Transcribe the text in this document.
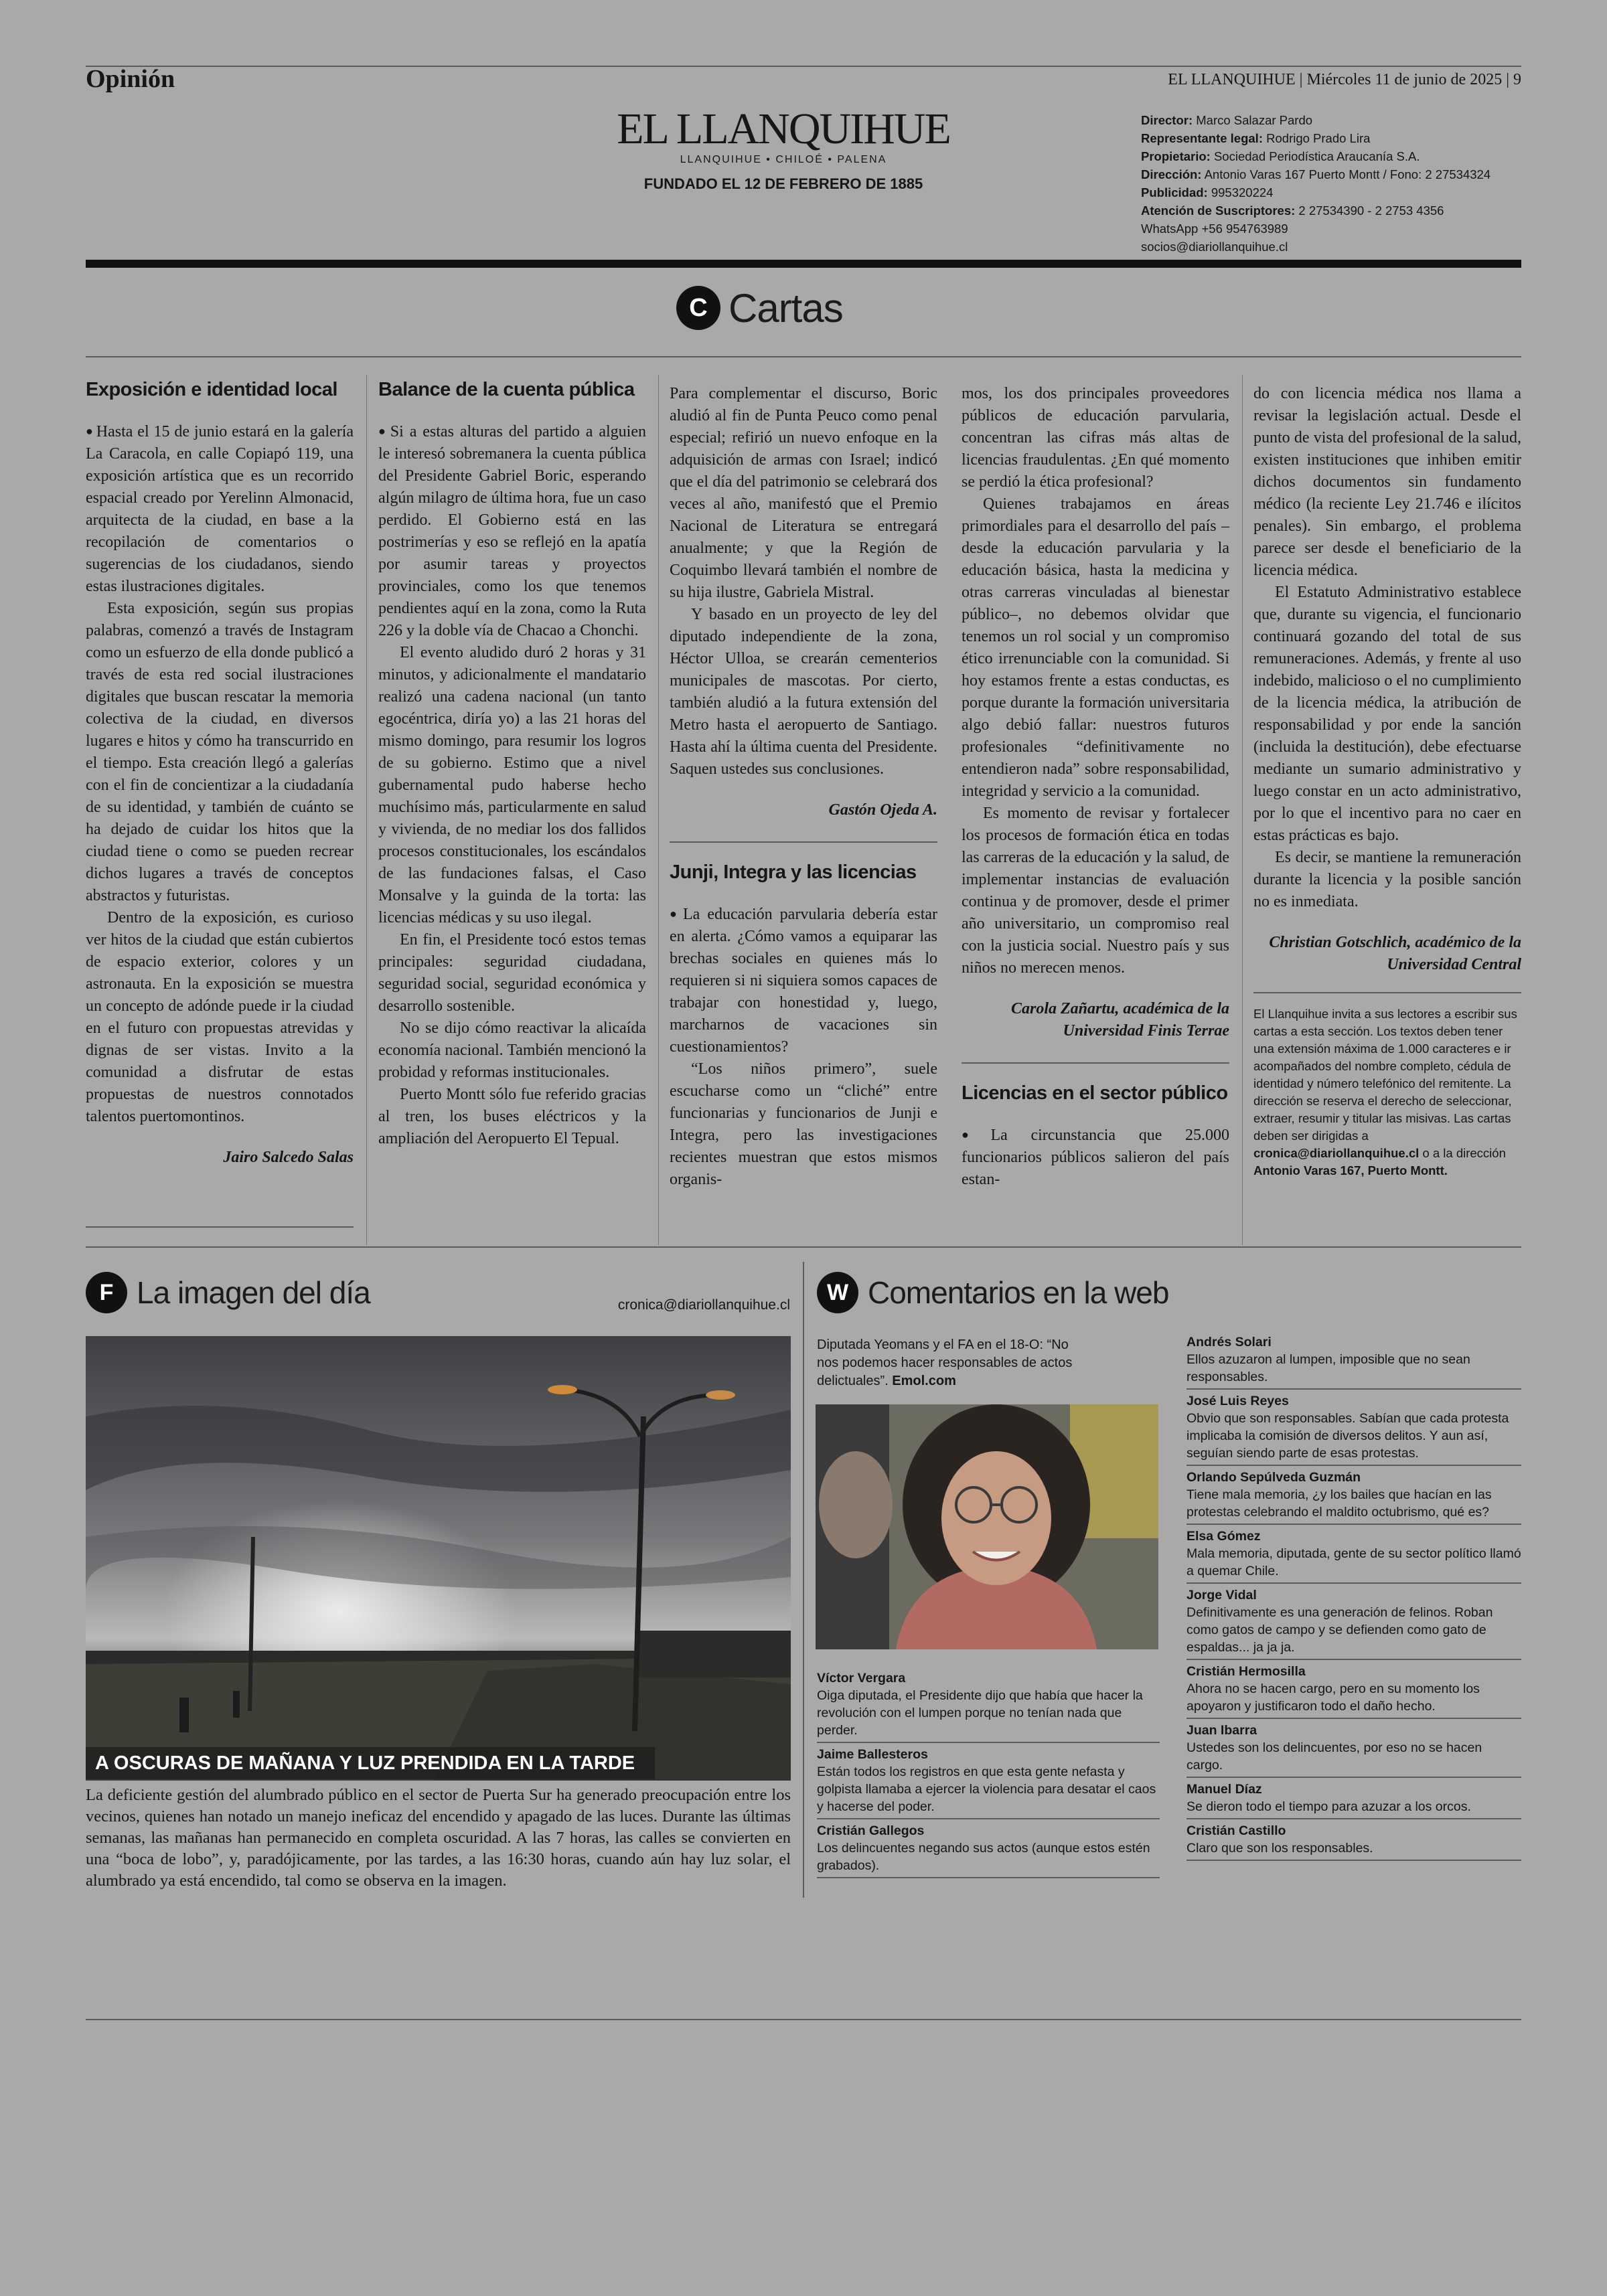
Opinión	EL LLANQUIHUE | Miércoles 11 de junio de 2025 | 9
EL LLANQUIHUE
LLANQUIHUE • CHILOÉ • PALENA
FUNDADO EL 12 DE FEBRERO DE 1885
Director: Marco Salazar Pardo
Representante legal: Rodrigo Prado Lira
Propietario: Sociedad Periodística Araucanía S.A.
Dirección: Antonio Varas 167 Puerto Montt / Fono: 2 27534324
Publicidad: 995320224
Atención de Suscriptores: 2 27534390 - 2 2753 4356
WhatsApp +56 954763989
socios@diariollanquihue.cl
C Cartas
Exposición e identidad local

● Hasta el 15 de junio estará en la galería La Caracola, en calle Copiapó 119, una exposición artística que es un recorrido espacial creado por Yerelinn Almonacid, arquitecta de la ciudad, en base a la recopilación de comentarios o sugerencias de los ciudadanos, siendo estas ilustraciones digitales.

Esta exposición, según sus propias palabras, comenzó a través de Instagram como un esfuerzo de ella donde publicó a través de esta red social ilustraciones digitales que buscan rescatar la memoria colectiva de la ciudad, en diversos lugares e hitos y cómo ha transcurrido en el tiempo. Esta creación llegó a galerías con el fin de concientizar a la ciudadanía de su identidad, y también de cuánto se ha dejado de cuidar los hitos que la ciudad tiene o como se pueden recrear dichos lugares a través de conceptos abstractos y futuristas.

Dentro de la exposición, es curioso ver hitos de la ciudad que están cubiertos de espacio exterior, colores y un astronauta. En la exposición se muestra un concepto de adónde puede ir la ciudad en el futuro con propuestas atrevidas y dignas de ser vistas. Invito a la comunidad a disfrutar de estas propuestas de nuestros connotados talentos puertomontinos.

Jairo Salcedo Salas
Balance de la cuenta pública

● Si a estas alturas del partido a alguien le interesó sobremanera la cuenta pública del Presidente Gabriel Boric, esperando algún milagro de última hora, fue un caso perdido. El Gobierno está en las postrimerías y eso se reflejó en la apatía por asumir tareas y proyectos provinciales, como los que tenemos pendientes aquí en la zona, como la Ruta 226 y la doble vía de Chacao a Chonchi.

El evento aludido duró 2 horas y 31 minutos, y adicionalmente el mandatario realizó una cadena nacional (un tanto egocéntrica, diría yo) a las 21 horas del mismo domingo, para resumir los logros de su gobierno. Estimo que a nivel gubernamental pudo haberse hecho muchísimo más, particularmente en salud y vivienda, de no mediar los dos fallidos procesos constitucionales, los escándalos de las fundaciones falsas, el Caso Monsalve y la guinda de la torta: las licencias médicas y su uso ilegal.

En fin, el Presidente tocó estos temas principales: seguridad ciudadana, seguridad social, seguridad económica y desarrollo sostenible.

No se dijo cómo reactivar la alicaída economía nacional. También mencionó la probidad y reformas institucionales.

Puerto Montt sólo fue referido gracias al tren, los buses eléctricos y la ampliación del Aeropuerto El Tepual.

Para complementar el discurso, Boric aludió al fin de Punta Peuco como penal especial; refirió un nuevo enfoque en la adquisición de armas con Israel; indicó que el día del patrimonio se celebrará dos veces al año, manifestó que el Premio Nacional de Literatura se entregará anualmente; y que la Región de Coquimbo llevará también el nombre de su hija ilustre, Gabriela Mistral.

Y basado en un proyecto de ley del diputado independiente de la zona, Héctor Ulloa, se crearán cementerios municipales de mascotas. Por cierto, también aludió a la futura extensión del Metro hasta el aeropuerto de Santiago. Hasta ahí la última cuenta del Presidente. Saquen ustedes sus conclusiones.

Gastón Ojeda A.
Junji, Integra y las licencias

● La educación parvularia debería estar en alerta. ¿Cómo vamos a equiparar las brechas sociales en quienes más lo requieren si ni siquiera somos capaces de trabajar con honestidad y, luego, marcharnos de vacaciones sin cuestionamientos?

“Los niños primero”, suele escucharse como un “cliché” entre funcionarias y funcionarios de Junji e Integra, pero las investigaciones recientes muestran que estos mismos organis-

mos, los dos principales proveedores públicos de educación parvularia, concentran las cifras más altas de licencias fraudulentas. ¿En qué momento se perdió la ética profesional?

Quienes trabajamos en áreas primordiales para el desarrollo del país –desde la educación parvularia y la educación básica, hasta la medicina y otras carreras vinculadas al bienestar público–, no debemos olvidar que tenemos un rol social y un compromiso ético irrenunciable con la comunidad. Si hoy estamos frente a estas conductas, es porque durante la formación universitaria algo debió fallar: nuestros futuros profesionales “definitivamente no entendieron nada” sobre responsabilidad, integridad y servicio a la comunidad.

Es momento de revisar y fortalecer los procesos de formación ética en todas las carreras de la educación y la salud, de implementar instancias de evaluación continua y de promover, desde el primer año universitario, un compromiso real con la justicia social. Nuestro país y sus niños no merecen menos.

Carola Zañartu, académica de la Universidad Finis Terrae
Licencias en el sector público

● La circunstancia que 25.000 funcionarios públicos salieron del país estan-

do con licencia médica nos llama a revisar la legislación actual. Desde el punto de vista del profesional de la salud, existen instituciones que inhiben emitir dichos documentos sin fundamento médico (la reciente Ley 21.746 e ilícitos penales). Sin embargo, el problema parece ser desde el beneficiario de la licencia médica.

El Estatuto Administrativo establece que, durante su vigencia, el funcionario continuará gozando del total de sus remuneraciones. Además, y frente al uso indebido, malicioso o el no cumplimiento de la licencia médica, la atribución de responsabilidad y por ende la sanción (incluida la destitución), debe efectuarse mediante un sumario administrativo y luego constar en un acto administrativo, por lo que el incentivo para no caer en estas prácticas es bajo.

Es decir, se mantiene la remuneración durante la licencia y la posible sanción no es inmediata.

Christian Gotschlich, académico de la Universidad Central
El Llanquihue invita a sus lectores a escribir sus cartas a esta sección. Los textos deben tener una extensión máxima de 1.000 caracteres e ir acompañados del nombre completo, cédula de identidad y número telefónico del remitente. La dirección se reserva el derecho de seleccionar, extraer, resumir y titular las misivas. Las cartas deben ser dirigidas a cronica@diariollanquihue.cl o a la dirección Antonio Varas 167, Puerto Montt.
F La imagen del día	cronica@diariollanquihue.cl
A OSCURAS DE MAÑANA Y LUZ PRENDIDA EN LA TARDE
La deficiente gestión del alumbrado público en el sector de Puerta Sur ha generado preocupación entre los vecinos, quienes han notado un manejo ineficaz del encendido y apagado de las luces. Durante las últimas semanas, las mañanas han permanecido en completa oscuridad. A las 7 horas, las calles se convierten en una “boca de lobo”, y, paradójicamente, por las tardes, a las 16:30 horas, cuando aún hay luz solar, el alumbrado ya está encendido, tal como se observa en la imagen.
W Comentarios en la web
Diputada Yeomans y el FA en el 18-O: “No nos podemos hacer responsables de actos delictuales”. Emol.com
Víctor Vergara
Oiga diputada, el Presidente dijo que había que hacer la revolución con el lumpen porque no tenían nada que perder.
Jaime Ballesteros
Están todos los registros en que esta gente nefasta y golpista llamaba a ejercer la violencia para desatar el caos y hacerse del poder.
Cristián Gallegos
Los delincuentes negando sus actos (aunque estos estén grabados).
Andrés Solari
Ellos azuzaron al lumpen, imposible que no sean responsables.
José Luis Reyes
Obvio que son responsables. Sabían que cada protesta implicaba la comisión de diversos delitos. Y aun así, seguían siendo parte de esas protestas.
Orlando Sepúlveda Guzmán
Tiene mala memoria, ¿y los bailes que hacían en las protestas celebrando el maldito octubrismo, qué es?
Elsa Gómez
Mala memoria, diputada, gente de su sector político llamó a quemar Chile.
Jorge Vidal
Definitivamente es una generación de felinos. Roban como gatos de campo y se defienden como gato de espaldas... ja ja ja.
Cristián Hermosilla
Ahora no se hacen cargo, pero en su momento los apoyaron y justificaron todo el daño hecho.
Juan Ibarra
Ustedes son los delincuentes, por eso no se hacen cargo.
Manuel Díaz
Se dieron todo el tiempo para azuzar a los orcos.
Cristián Castillo
Claro que son los responsables.
